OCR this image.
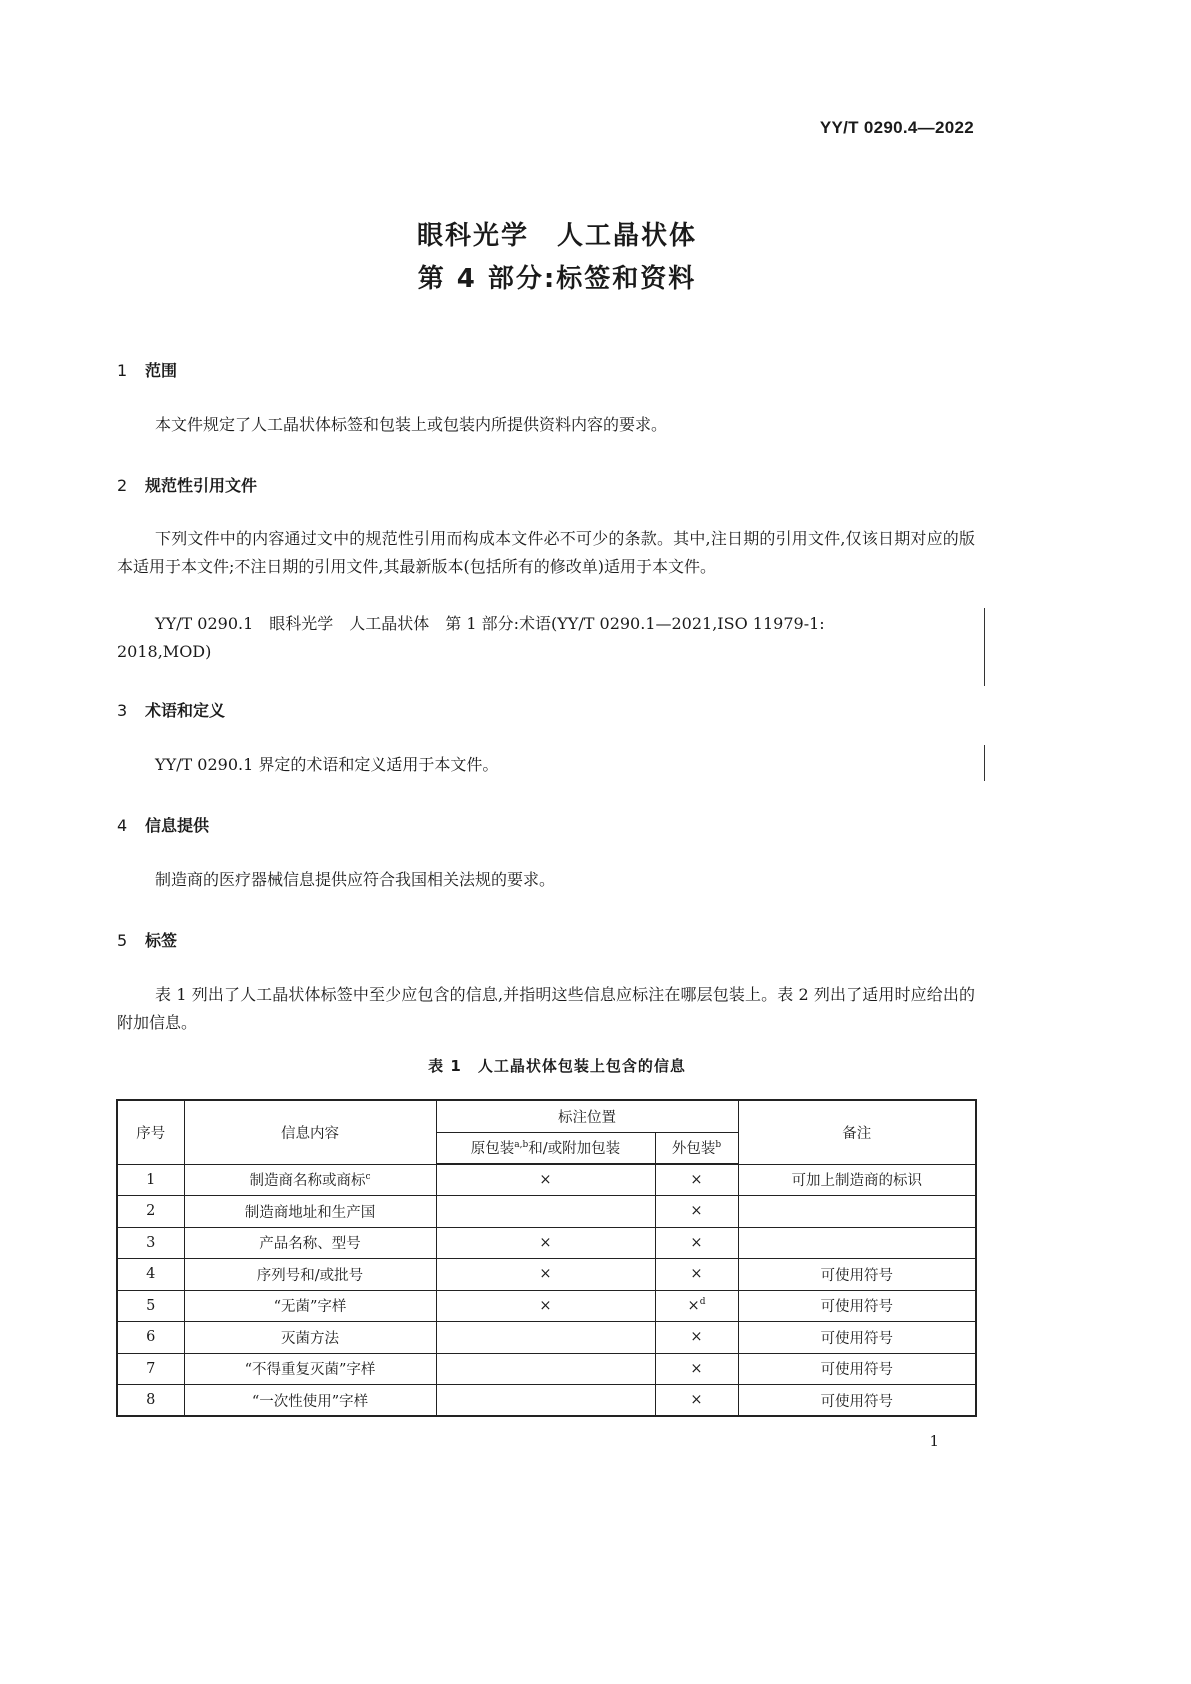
YY/T 0290.4—2022
眼科光学　人工晶状体
第 4 部分:标签和资料
1 范围
本文件规定了人工晶状体标签和包装上或包装内所提供资料内容的要求。
2 规范性引用文件
下列文件中的内容通过文中的规范性引用而构成本文件必不可少的条款。其中,注日期的引用文件,仅该日期对应的版本适用于本文件;不注日期的引用文件,其最新版本(包括所有的修改单)适用于本文件。
YY/T 0290.1　眼科光学　人工晶状体　第 1 部分:术语(YY/T 0290.1—2021,ISO 11979-1:
2018,MOD)
3 术语和定义
YY/T 0290.1 界定的术语和定义适用于本文件。
4 信息提供
制造商的医疗器械信息提供应符合我国相关法规的要求。
5 标签
表 1 列出了人工晶状体标签中至少应包含的信息,并指明这些信息应标注在哪层包装上。表 2 列出了适用时应给出的附加信息。
表 1　人工晶状体包装上包含的信息
序号	信息内容	标注位置		备注
		原包装$^{a,b}$和/或附加包装	外包装$^b$
1	制造商名称或商标$^c$	×	×	可加上制造商的标识
2	制造商地址和生产国		×	
3	产品名称、型号	×	×	
4	序列号和/或批号	×	×	可使用符号
5	“无菌”字样	×	×$^d$	可使用符号
6	灭菌方法		×	可使用符号
7	“不得重复灭菌”字样		×	可使用符号
8	“一次性使用”字样		×	可使用符号
1
